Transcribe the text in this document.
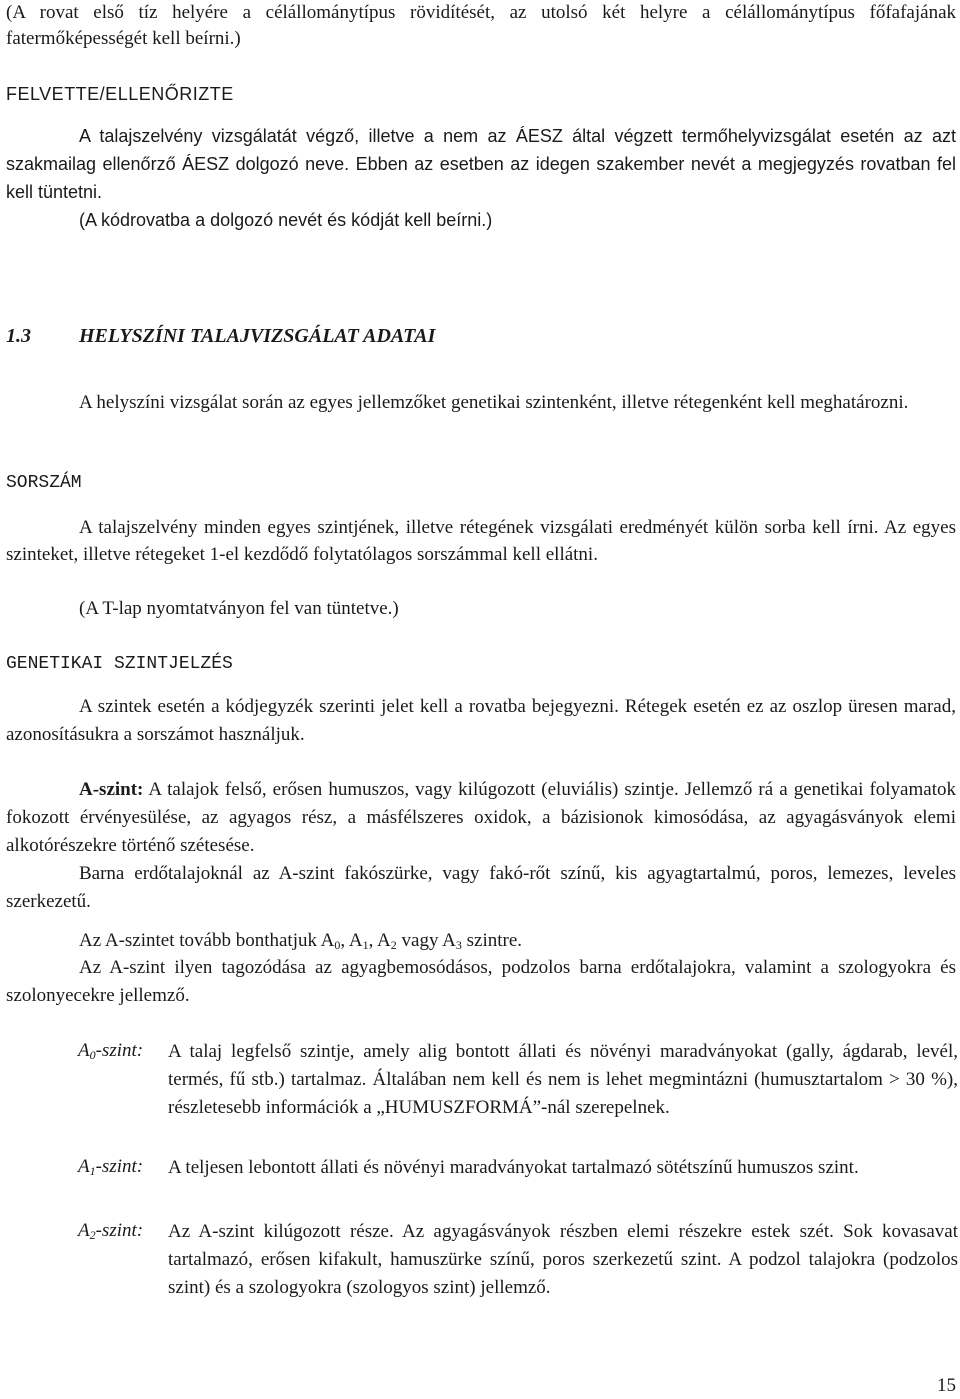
(A rovat első tíz helyére a célállománytípus rövidítését, az utolsó két helyre a célállománytípus főfafajának fatermőképességét kell beírni.)

FELVETTE/ELLENŐRIZTE

A talajszelvény vizsgálatát végző, illetve a nem az ÁESZ által végzett termőhelyvizsgálat esetén az azt szakmailag ellenőrző ÁESZ dolgozó neve. Ebben az esetben az idegen szakember nevét a megjegyzés rovatban fel kell tüntetni.

(A kódrovatba a dolgozó nevét és kódját kell beírni.)

1.3 HELYSZÍNI TALAJVIZSGÁLAT ADATAI

A helyszíni vizsgálat során az egyes jellemzőket genetikai szintenként, illetve rétegenként kell meghatározni.

SORSZÁM

A talajszelvény minden egyes szintjének, illetve rétegének vizsgálati eredményét külön sorba kell írni. Az egyes szinteket, illetve rétegeket 1-el kezdődő folytatólagos sorszámmal kell ellátni.

(A T-lap nyomtatványon fel van tüntetve.)

GENETIKAI SZINTJELZÉS

A szintek esetén a kódjegyzék szerinti jelet kell a rovatba bejegyezni. Rétegek esetén ez az oszlop üresen marad, azonosításukra a sorszámot használjuk.

A-szint: A talajok felső, erősen humuszos, vagy kilúgozott (eluviális) szintje. Jellemző rá a genetikai folyamatok fokozott érvényesülése, az agyagos rész, a másfélszeres oxidok, a bázisionok kimosódása, az agyagásványok elemi alkotórészekre történő szétesése.

Barna erdőtalajoknál az A-szint fakószürke, vagy fakó-rőt színű, kis agyagtartalmú, poros, lemezes, leveles szerkezetű.

Az A-szintet tovább bonthatjuk $A_0$, $A_1$, $A_2$ vagy $A_3$ szintre.

Az A-szint ilyen tagozódása az agyagbemosódásos, podzolos barna erdőtalajokra, valamint a szologyokra és szolonyecekre jellemző.

$A_0$-szint:	A talaj legfelső szintje, amely alig bontott állati és növényi maradványokat (gally, ágdarab, levél, termés, fű stb.) tartalmaz. Általában nem kell és nem is lehet megmintázni (humusztartalom > 30 %), részletesebb információk a „HUMUSZFORMÁ”-nál szerepelnek.

$A_1$-szint:	A teljesen lebontott állati és növényi maradványokat tartalmazó sötétszínű humuszos szint.

$A_2$-szint:	Az A-szint kilúgozott része. Az agyagásványok részben elemi részekre estek szét. Sok kovasavat tartalmazó, erősen kifakult, hamuszürke színű, poros szerkezetű szint. A podzol talajokra (podzolos szint) és a szologyokra (szologyos szint) jellemző.

15
